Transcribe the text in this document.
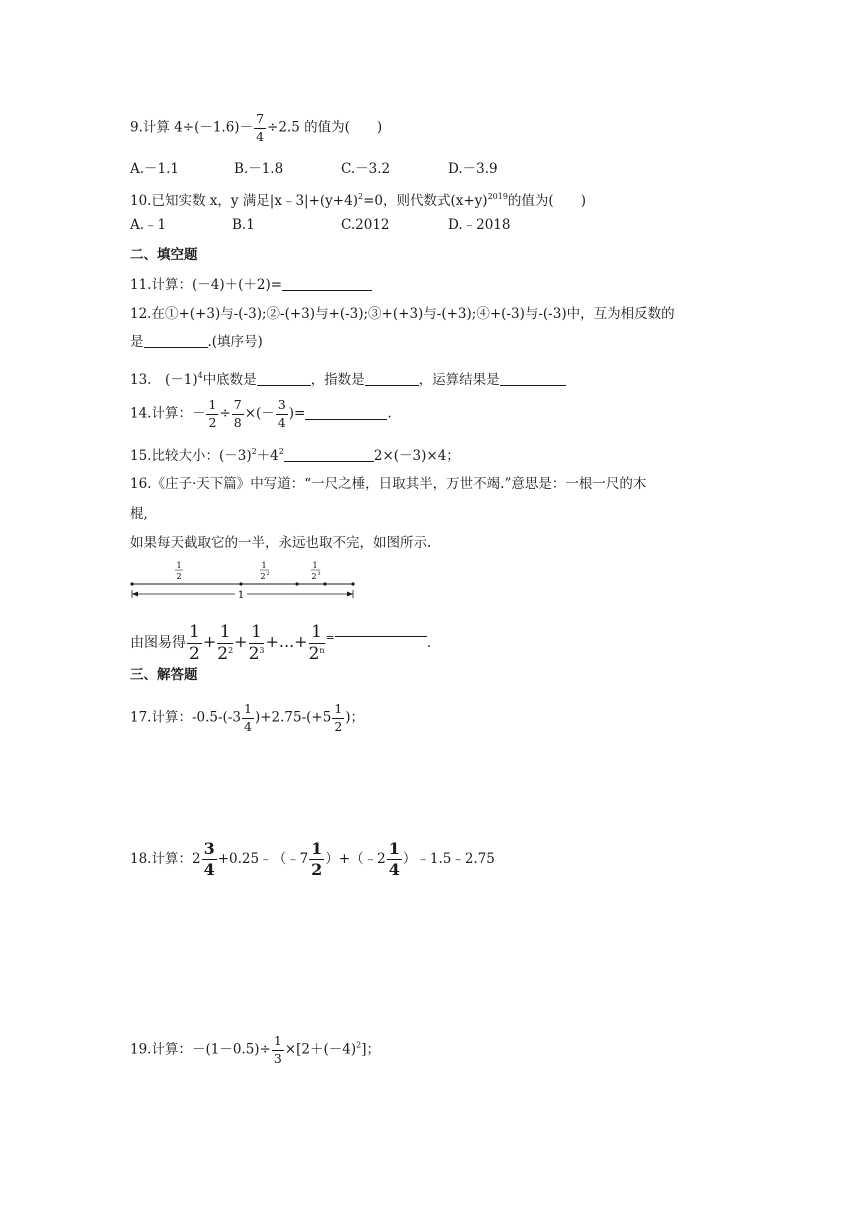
9.计算 $4\div(-1.6)- \frac{7}{4} \div 2.5$ 的值为(　　)
A.－1.1	B.－1.8	C.－3.2	D.－3.9
10.已知实数 x，y 满足$|x﹣3|+(y+4)^2=0$，则代数式$(x+y)^{2019}$的值为(　　)
A.﹣1	B.1	C.2012	D.﹣2018
二、填空题
11.计算：(－4)＋(＋2)=
12.在①+(+3)与-(-3);②-(+3)与+(-3);③+(+3)与-(+3);④+(-3)与-(-3)中，互为相反数的
是	.(填序号)
13.　$(-1)^4$中底数是	，指数是	，运算结果是
14.计算：－ $\frac{1}{2} \div \frac{7}{8}$ ×(－ $\frac{3}{4}$ )=	.
15.比较大小：$(-3)^2+4^2$	2×(－3)×4；
16.《庄子·天下篇》中写道：“一尺之棰，日取其半，万世不竭.”意思是：一根一尺的木
棍,
如果每天截取它的一半，永远也取不完，如图所示.
1
2
1
2 2
1
2 3
1
由图易得 $\frac{1}{2} + \frac{1}{2^2} + \frac{1}{2^3}$ +...+ $\frac{1}{2^n} ^=$	.
三、解答题
17.计算：$-0.5-(-3 \frac{1}{4} )+2.75-(+5 \frac{1}{2}$ )；
18.计算：$2 \frac{3}{4}$ +0.25﹣（﹣7 $\frac{1}{2}$ ）+（﹣2 $\frac{1}{4}$ ）﹣1.5﹣2.75
19.计算：$-(1-0.5)\div \frac{1}{3} \times[2+(-4)^2]$；
